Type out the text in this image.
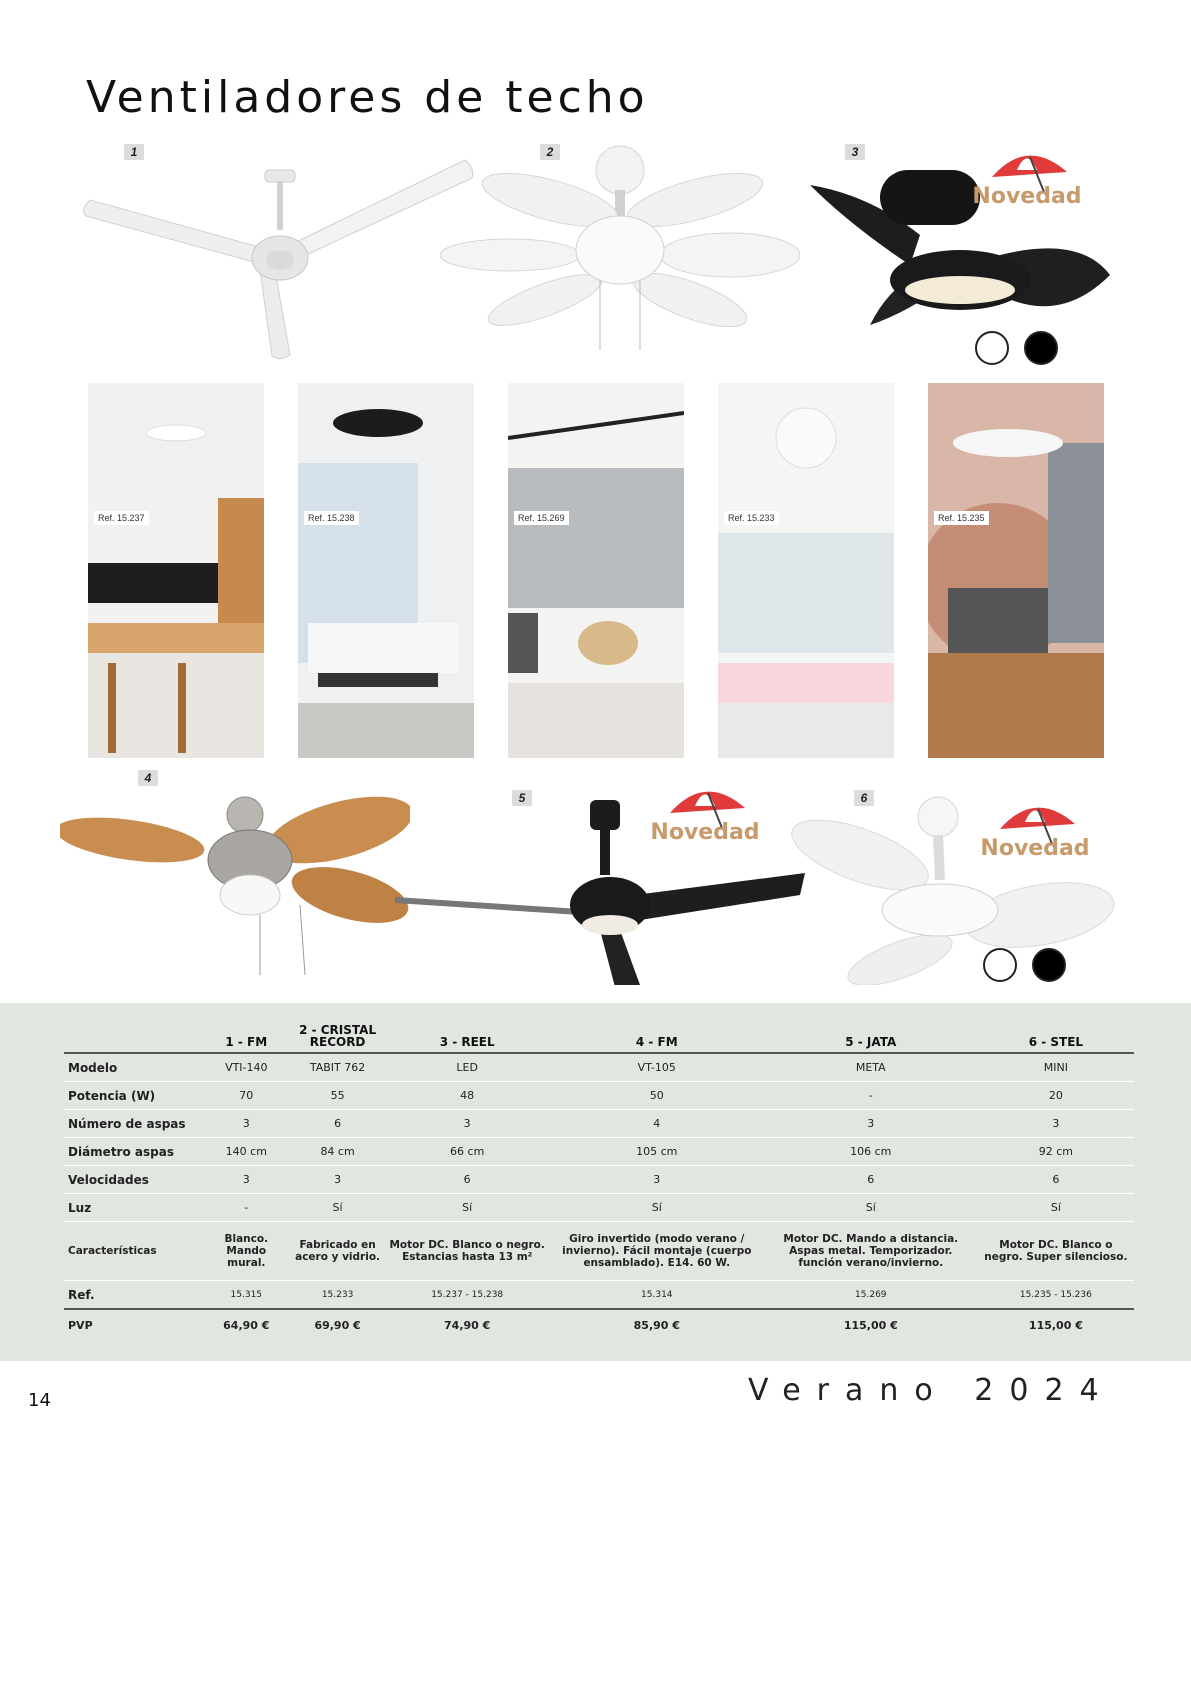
Ventiladores de techo
1	2	3
4
5	6
Novedad
Novedad
Novedad
Ref. 15.237	Ref. 15.238	Ref. 15.269	Ref. 15.233	Ref. 15.235
	1 - FM	2 - CRISTAL RECORD	3 - REEL	4 - FM	5 - JATA	6 - STEL
Modelo	VTI-140	TABIT 762	LED	VT-105	META	MINI
Potencia (W)	70	55	48	50	-	20
Número de aspas	3	6	3	4	3	3
Diámetro aspas	140 cm	84 cm	66 cm	105 cm	106 cm	92 cm
Velocidades	3	3	6	3	6	6
Luz	-	Sí	Sí	Sí	Sí	Sí
Características	Blanco. Mando mural.	Fabricado en acero y vidrio.	Motor DC. Blanco o negro. Estancias hasta 13 m²	Giro invertido (modo verano / invierno). Fácil montaje (cuerpo ensamblado). E14. 60 W.	Motor DC. Mando a distancia. Aspas metal. Temporizador. función verano/invierno.	Motor DC. Blanco o negro. Super silencioso.
Ref.	15.315	15.233	15.237 - 15.238	15.314	15.269	15.235 - 15.236
PVP	64,90 €	69,90 €	74,90 €	85,90 €	115,00 €	115,00 €
14	Verano 2024
